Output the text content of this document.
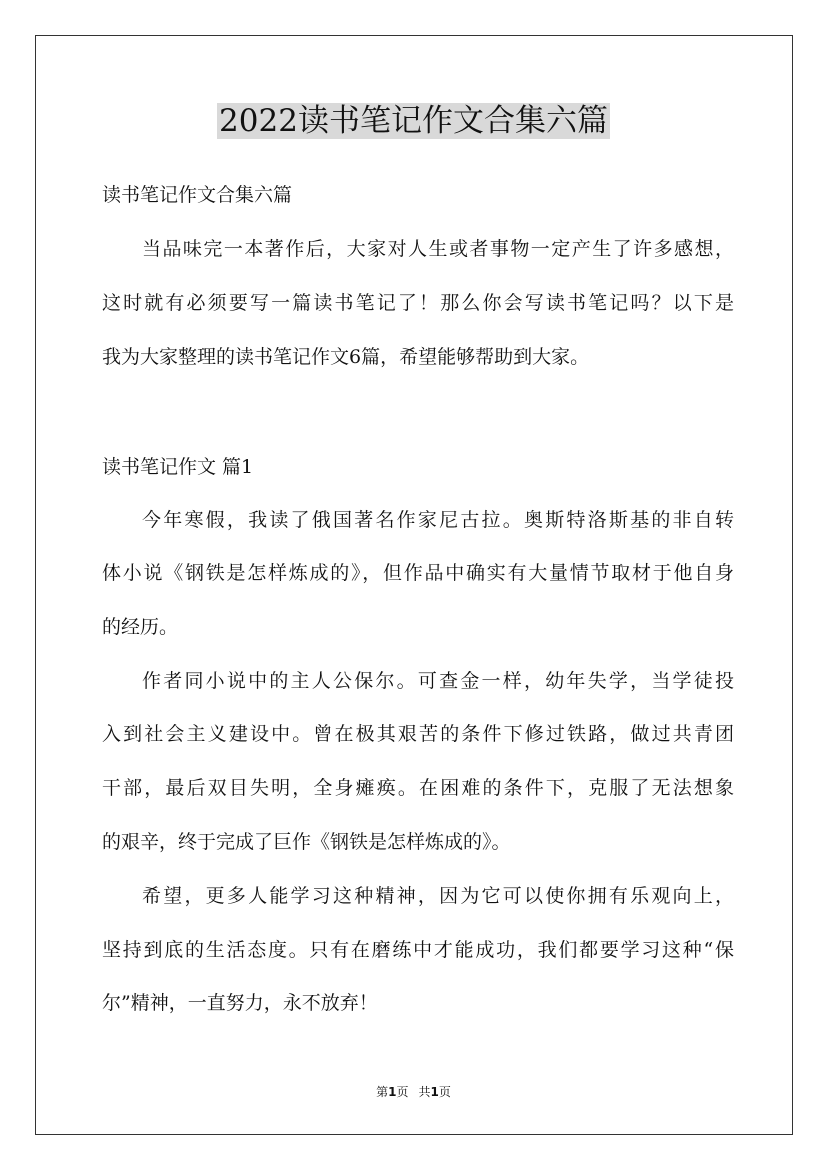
2022读书笔记作文合集六篇

读书笔记作文合集六篇

当品味完一本著作后，大家对人生或者事物一定产生了许多感想，

这时就有必须要写一篇读书笔记了！那么你会写读书笔记吗？以下是

我为大家整理的读书笔记作文6篇，希望能够帮助到大家。

读书笔记作文 篇1

今年寒假，我读了俄国著名作家尼古拉。奥斯特洛斯基的非自转

体小说《钢铁是怎样炼成的》，但作品中确实有大量情节取材于他自身

的经历。

作者同小说中的主人公保尔。可查金一样，幼年失学，当学徒投

入到社会主义建设中。曾在极其艰苦的条件下修过铁路，做过共青团

干部，最后双目失明，全身瘫痪。在困难的条件下，克服了无法想象

的艰辛，终于完成了巨作《钢铁是怎样炼成的》。

希望，更多人能学习这种精神，因为它可以使你拥有乐观向上，

坚持到底的生活态度。只有在磨练中才能成功，我们都要学习这种“保

尔”精神，一直努力，永不放弃！

第1页 共1页
